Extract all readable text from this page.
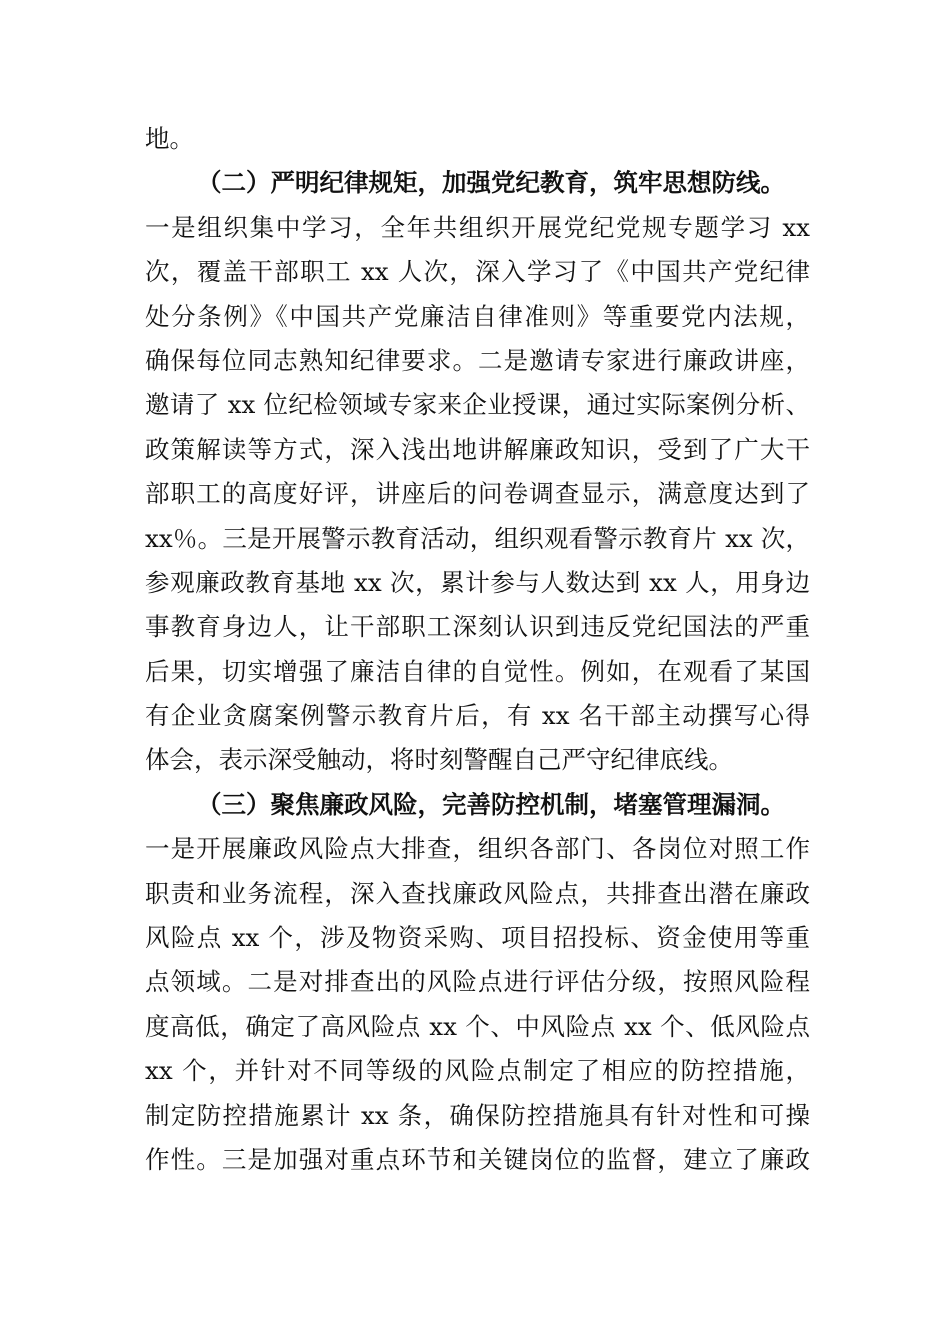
地。
（二）严明纪律规矩，加强党纪教育，筑牢思想防线。
一是组织集中学习，全年共组织开展党纪党规专题学习 xx
次，覆盖干部职工 xx 人次，深入学习了《中国共产党纪律
处分条例》《中国共产党廉洁自律准则》等重要党内法规，
确保每位同志熟知纪律要求。二是邀请专家进行廉政讲座，
邀请了 xx 位纪检领域专家来企业授课，通过实际案例分析、
政策解读等方式，深入浅出地讲解廉政知识，受到了广大干
部职工的高度好评，讲座后的问卷调查显示，满意度达到了
xx％。三是开展警示教育活动，组织观看警示教育片 xx 次，
参观廉政教育基地 xx 次，累计参与人数达到 xx 人，用身边
事教育身边人，让干部职工深刻认识到违反党纪国法的严重
后果，切实增强了廉洁自律的自觉性。例如，在观看了某国
有企业贪腐案例警示教育片后，有 xx 名干部主动撰写心得
体会，表示深受触动，将时刻警醒自己严守纪律底线。
（三）聚焦廉政风险，完善防控机制，堵塞管理漏洞。
一是开展廉政风险点大排查，组织各部门、各岗位对照工作
职责和业务流程，深入查找廉政风险点，共排查出潜在廉政
风险点 xx 个，涉及物资采购、项目招投标、资金使用等重
点领域。二是对排查出的风险点进行评估分级，按照风险程
度高低，确定了高风险点 xx 个、中风险点 xx 个、低风险点
xx 个，并针对不同等级的风险点制定了相应的防控措施，
制定防控措施累计 xx 条，确保防控措施具有针对性和可操
作性。三是加强对重点环节和关键岗位的监督，建立了廉政
